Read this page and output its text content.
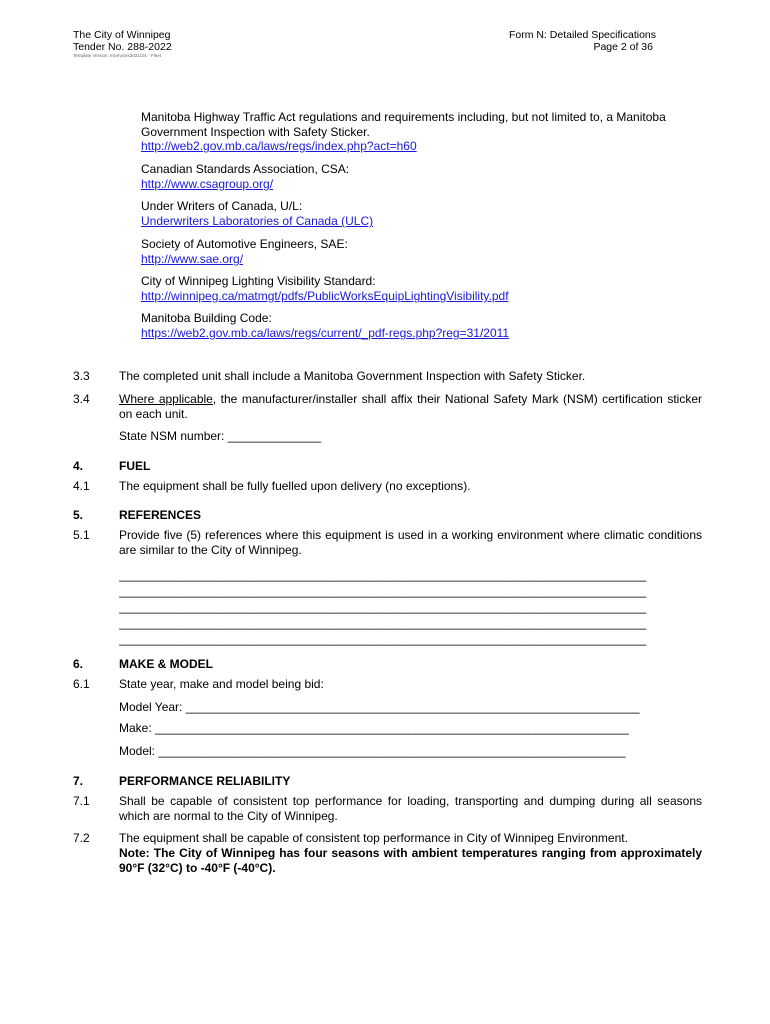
The City of Winnipeg
Tender No. 288-2022
Template Version: eServices2021101 - Fleet
Form N: Detailed Specifications
Page 2 of 36
Manitoba Highway Traffic Act regulations and requirements including, but not limited to, a Manitoba
Government Inspection with Safety Sticker.
http://web2.gov.mb.ca/laws/regs/index.php?act=h60
Canadian Standards Association, CSA:
http://www.csagroup.org/
Under Writers of Canada, U/L:
Underwriters Laboratories of Canada (ULC)
Society of Automotive Engineers, SAE:
http://www.sae.org/
City of Winnipeg Lighting Visibility Standard:
http://winnipeg.ca/matmgt/pdfs/PublicWorksEquipLightingVisibility.pdf
Manitoba Building Code:
https://web2.gov.mb.ca/laws/regs/current/_pdf-regs.php?reg=31/2011
3.3 The completed unit shall include a Manitoba Government Inspection with Safety Sticker.
3.4 Where applicable, the manufacturer/installer shall affix their National Safety Mark (NSM) certification sticker on each unit.
State NSM number: ______________
4.	FUEL
4.1 The equipment shall be fully fuelled upon delivery (no exceptions).
5.	REFERENCES
5.1 Provide five (5) references where this equipment is used in a working environment where climatic conditions are similar to the City of Winnipeg.
_______________________________________________________________________________
_______________________________________________________________________________
_______________________________________________________________________________
_______________________________________________________________________________
_______________________________________________________________________________
6.	MAKE & MODEL
6.1 State year, make and model being bid:
Model Year: ____________________________________________________________________
Make: _______________________________________________________________________
Model: ______________________________________________________________________
7.	PERFORMANCE RELIABILITY
7.1 Shall be capable of consistent top performance for loading, transporting and dumping during all seasons which are normal to the City of Winnipeg.
7.2 The equipment shall be capable of consistent top performance in City of Winnipeg Environment.
Note: The City of Winnipeg has four seasons with ambient temperatures ranging from approximately 90°F (32°C) to -40°F (-40°C).
